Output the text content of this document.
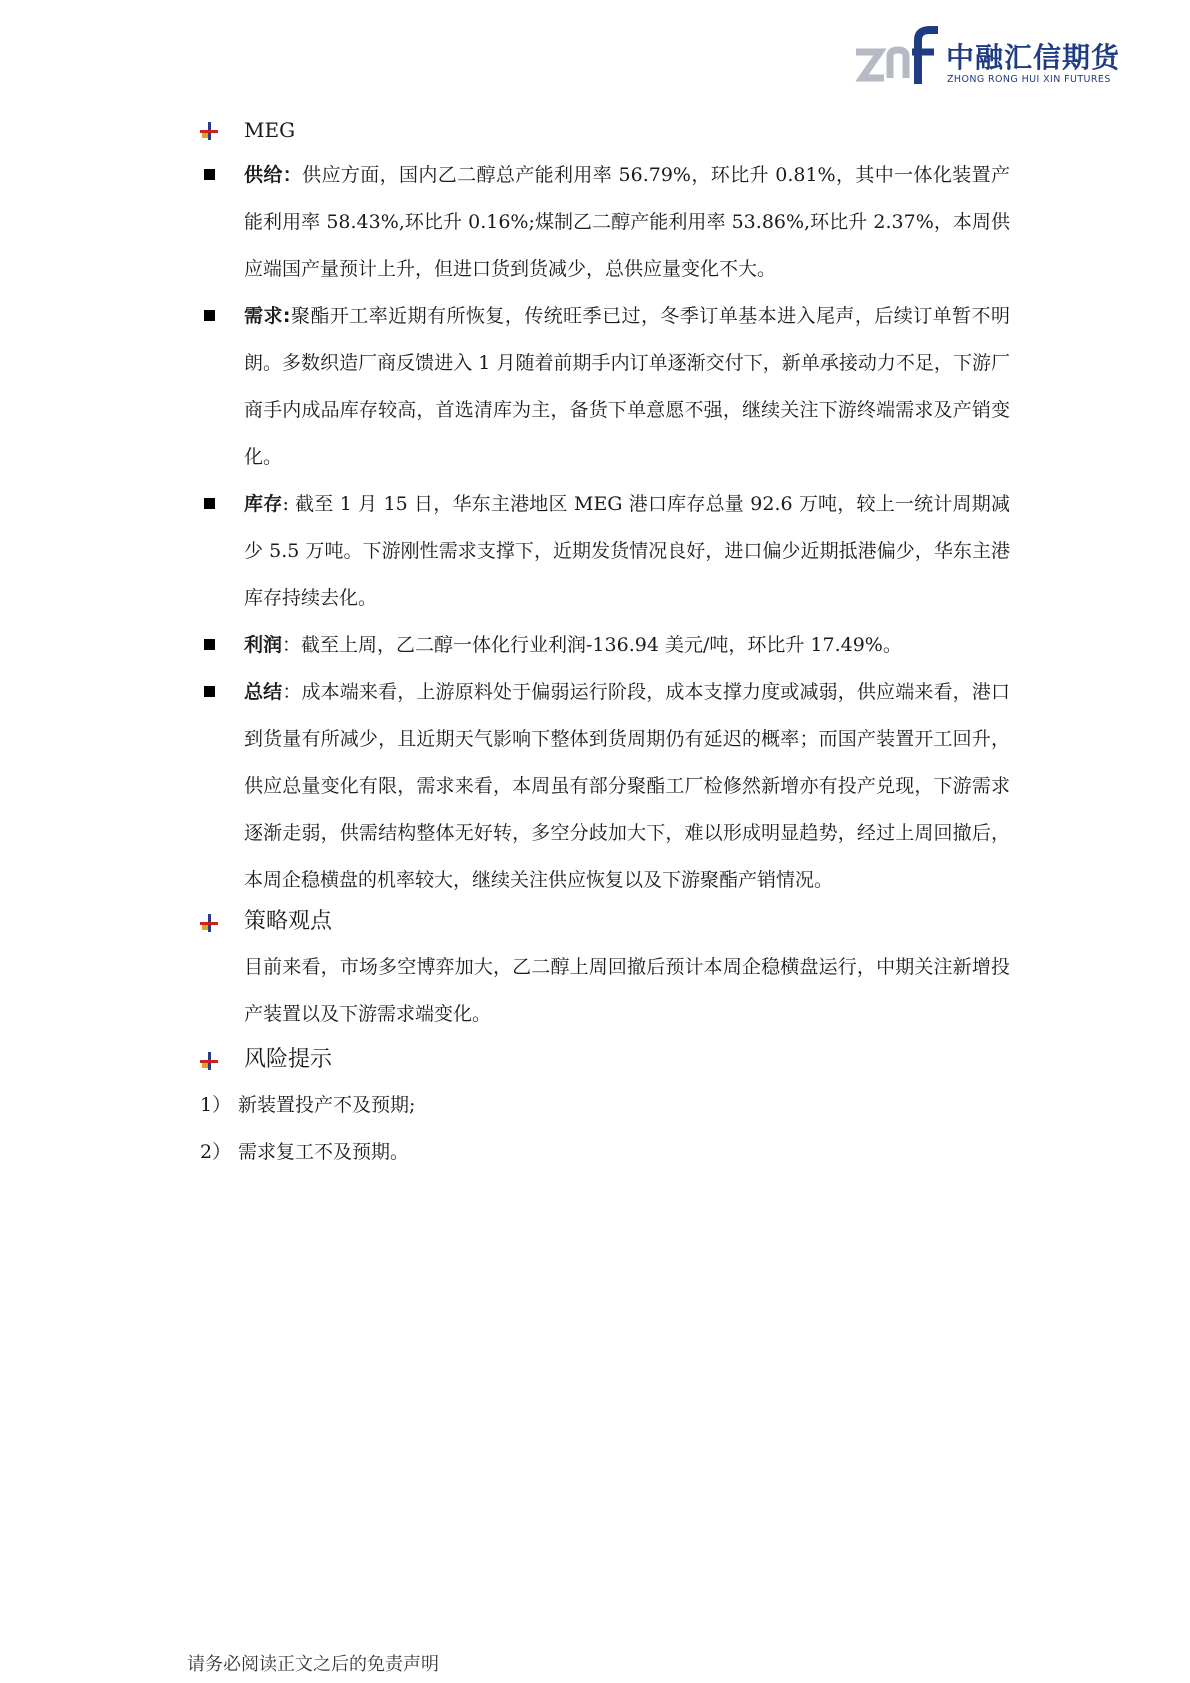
中融汇信期货
ZHONG RONG HUI XIN FUTURES
MEG
供给：供应方面，国内乙二醇总产能利用率 56.79%，环比升 0.81%，其中一体化装置产能利用率 58.43%,环比升 0.16%;煤制乙二醇产能利用率 53.86%,环比升 2.37%，本周供应端国产量预计上升，但进口货到货减少，总供应量变化不大。
需求:聚酯开工率近期有所恢复，传统旺季已过，冬季订单基本进入尾声，后续订单暂不明朗。多数织造厂商反馈进入 1 月随着前期手内订单逐渐交付下，新单承接动力不足，下游厂商手内成品库存较高，首选清库为主，备货下单意愿不强，继续关注下游终端需求及产销变化。
库存: 截至 1 月 15 日，华东主港地区 MEG 港口库存总量 92.6 万吨，较上一统计周期减少 5.5 万吨。下游刚性需求支撑下，近期发货情况良好，进口偏少近期抵港偏少，华东主港库存持续去化。
利润：截至上周，乙二醇一体化行业利润-136.94 美元/吨，环比升 17.49%。
总结：成本端来看，上游原料处于偏弱运行阶段，成本支撑力度或减弱，供应端来看，港口到货量有所减少，且近期天气影响下整体到货周期仍有延迟的概率；而国产装置开工回升，供应总量变化有限，需求来看，本周虽有部分聚酯工厂检修然新增亦有投产兑现，下游需求逐渐走弱，供需结构整体无好转，多空分歧加大下，难以形成明显趋势，经过上周回撤后，本周企稳横盘的机率较大，继续关注供应恢复以及下游聚酯产销情况。
策略观点
目前来看，市场多空博弈加大，乙二醇上周回撤后预计本周企稳横盘运行，中期关注新增投产装置以及下游需求端变化。
风险提示
1） 新装置投产不及预期;
2） 需求复工不及预期。
请务必阅读正文之后的免责声明
